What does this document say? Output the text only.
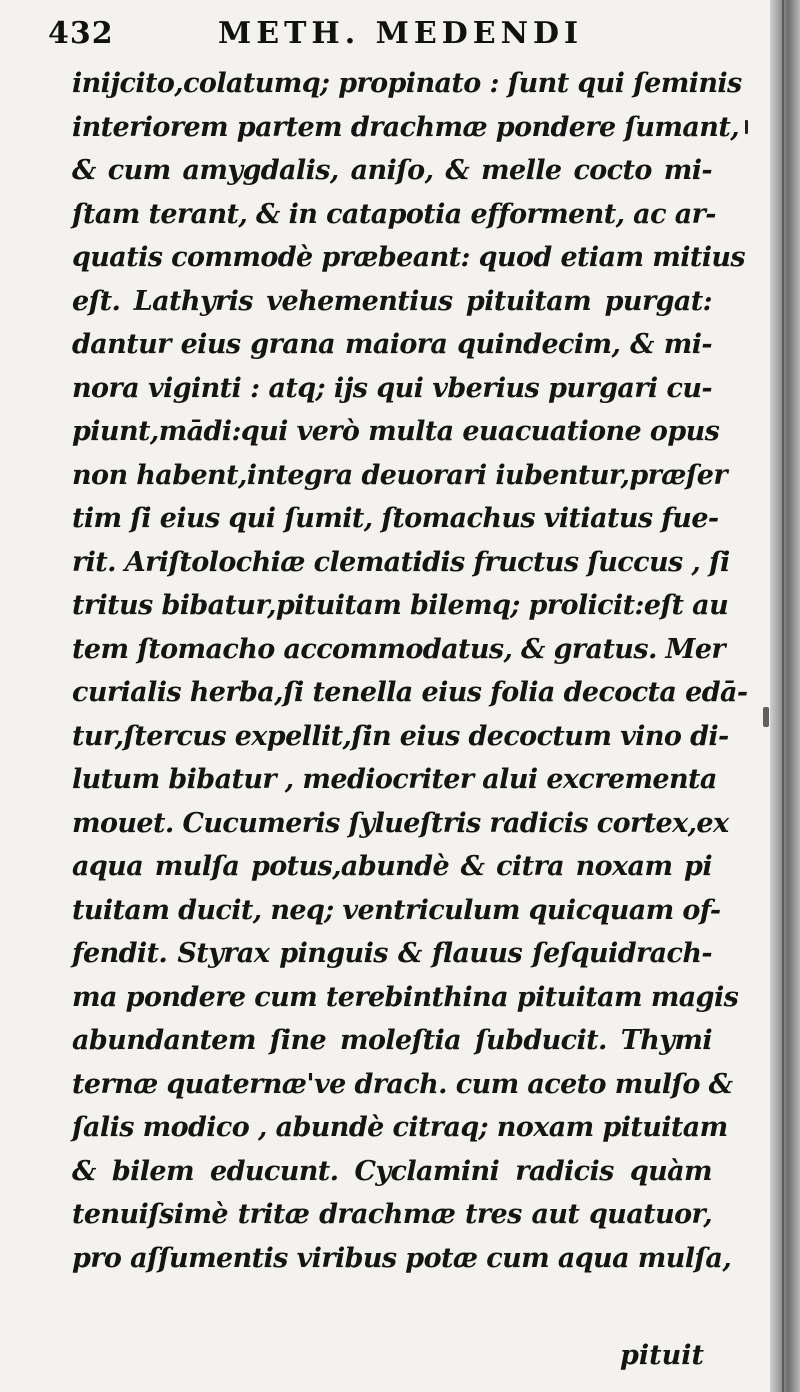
432	METH. MEDENDI
inijcito,colatumq; propinato : ſunt qui ſeminis
interiorem partem drachmæ pondere ſumant,
& cum amygdalis, aniſo, & melle cocto mi-
ſtam terant, & in catapotia efforment, ac ar-
quatis commodè præbeant: quod etiam mitius
eſt. Lathyris vehementius pituitam purgat:
dantur eius grana maiora quindecim, & mi-
nora viginti : atq; ijs qui vberius purgari cu-
piunt,mādi:qui verò multa euacuatione opus
non habent,integra deuorari iubentur,præſer
tim ſi eius qui ſumit, ſtomachus vitiatus fue-
rit. Ariſtolochiæ clematidis fructus ſuccus , ſi
tritus bibatur,pituitam bilemq; prolicit:eſt au
tem ſtomacho accommodatus, & gratus. Mer
curialis herba,ſi tenella eius folia decocta edā-
tur,ſtercus expellit,ſin eius decoctum vino di-
lutum bibatur , mediocriter alui excrementa
mouet. Cucumeris ſylueſtris radicis cortex,ex
aqua mulſa potus,abundè & citra noxam pi
tuitam ducit, neq; ventriculum quicquam of-
fendit. Styrax pinguis & flauus ſeſquidrach-
ma pondere cum terebinthina pituitam magis
abundantem ſine moleſtia ſubducit. Thymi
ternæ quaternæ've drach. cum aceto mulſo &
ſalis modico , abundè citraq; noxam pituitam
& bilem educunt. Cyclamini radicis quàm
tenuiſsimè tritæ drachmæ tres aut quatuor,
pro aſſumentis viribus potæ cum aqua mulſa,
pituit
